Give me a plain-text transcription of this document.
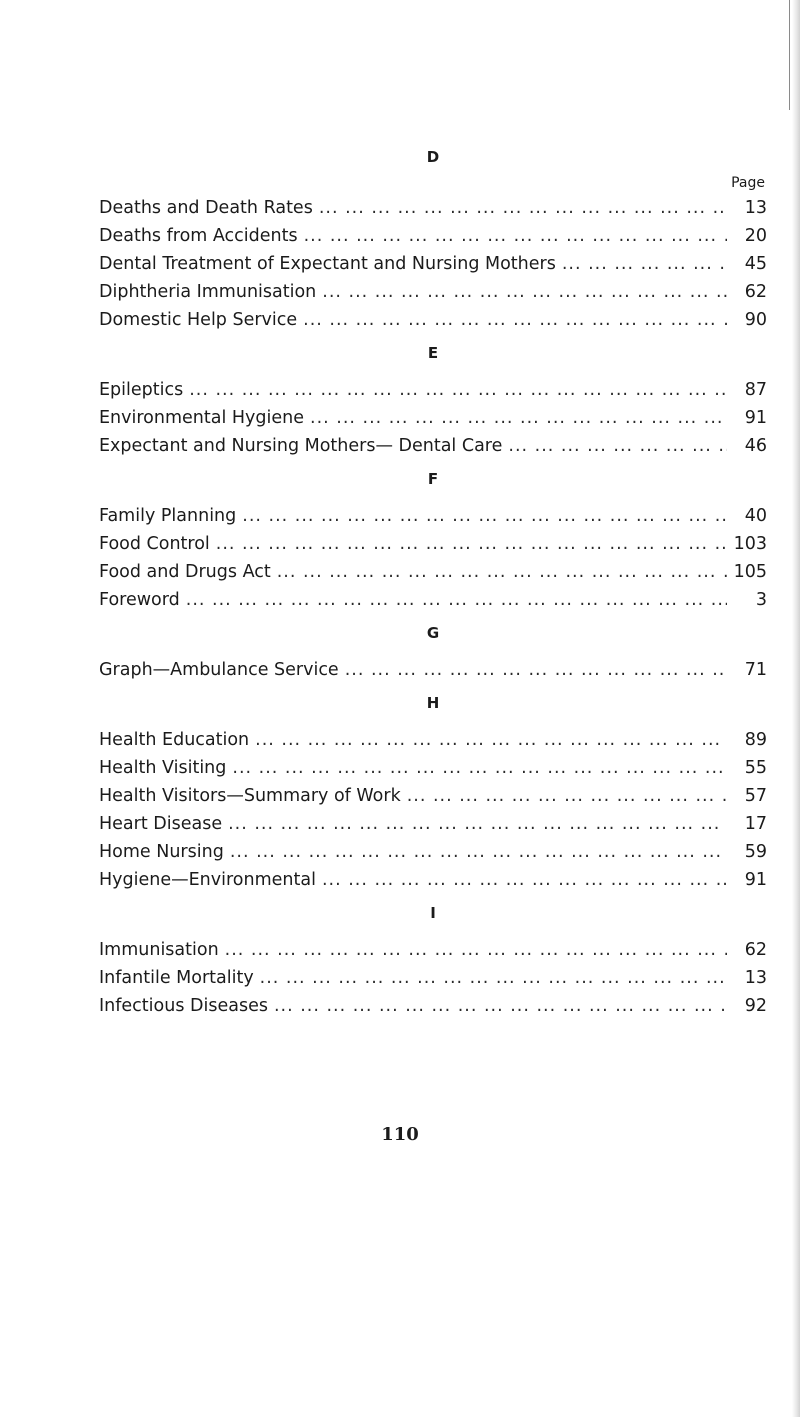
D
Page
Deaths and Death Rates ... .	13
Deaths from Accidents ... .	20
Dental Treatment of Expectant and Nursing Mothers ... .	45
Diphtheria Immunisation ... .	62
Domestic Help Service ... .	90
E
Epileptics ... .	87
Environmental Hygiene ... .	91
Expectant and Nursing Mothers— Dental Care ... .	46
F
Family Planning ... .	40
Food Control ... .	103
Food and Drugs Act ... .	105
Foreword ... .	3
G
Graph—Ambulance Service ... .	71
H
Health Education ... .	89
Health Visiting ... .	55
Health Visitors—Summary of Work ... .	57
Heart Disease ... .	17
Home Nursing ... .	59
Hygiene—Environmental ... .	91
I
Immunisation ... .	62
Infantile Mortality ... .	13
Infectious Diseases ... .	92
110
